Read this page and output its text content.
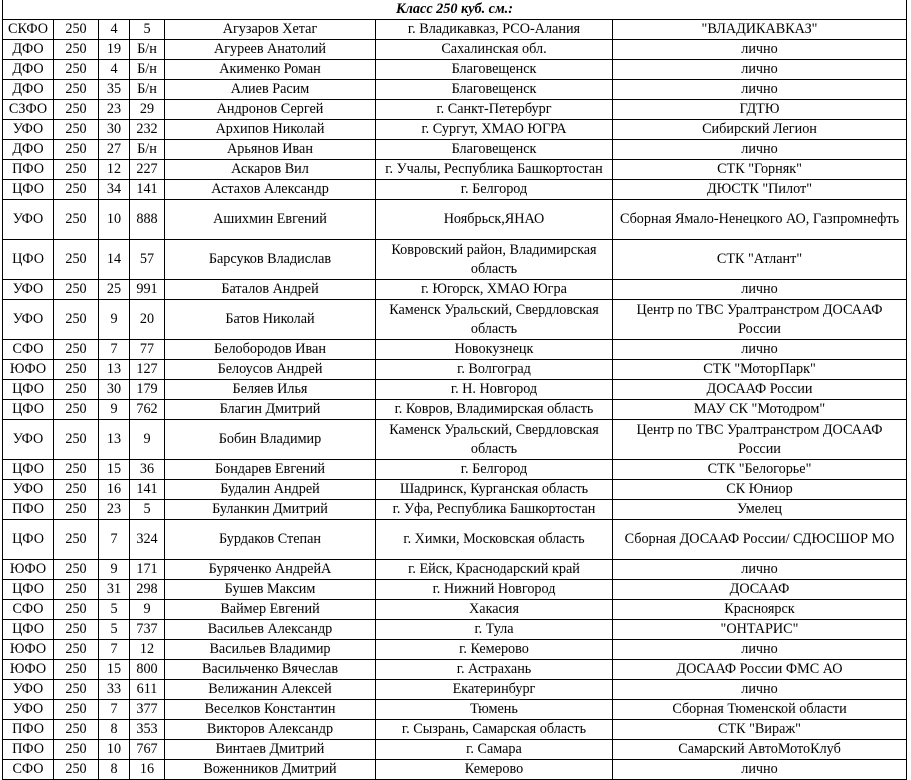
Класс 250 куб. см.:						
СКФО	250	4	5	Агузаров Хетаг	г. Владикавказ, РСО-Алания	"ВЛАДИКАВКАЗ"
ДФО	250	19	Б/н	Агуреев Анатолий	Сахалинская обл.	лично
ДФО	250	4	Б/н	Акименко Роман	Благовещенск	лично
ДФО	250	35	Б/н	Алиев Расим	Благовещенск	лично
СЗФО	250	23	29	Андронов Сергей	г. Санкт-Петербург	ГДТЮ
УФО	250	30	232	Архипов Николай	г. Сургут, ХМАО ЮГРА	Сибирский Легион
ДФО	250	27	Б/н	Арьянов Иван	Благовещенск	лично
ПФО	250	12	227	Аскаров Вил	г. Учалы, Республика Башкортостан	СТК "Горняк"
ЦФО	250	34	141	Астахов Александр	г. Белгород	ДЮСТК "Пилот"
УФО	250	10	888	Ашихмин Евгений	Ноябрьск,ЯНАО	Сборная Ямало-Ненецкого АО, Газпромнефть
ЦФО	250	14	57	Барсуков Владислав	Ковровский район, Владимирская область	СТК "Атлант"
УФО	250	25	991	Баталов Андрей	г. Югорск, ХМАО Югра	лично
УФО	250	9	20	Батов Николай	Каменск Уральский, Свердловская область	Центр по ТВС Уралтранстром ДОСААФ России
СФО	250	7	77	Белобородов Иван	Новокузнецк	лично
ЮФО	250	13	127	Белоусов Андрей	г. Волгоград	СТК "МоторПарк"
ЦФО	250	30	179	Беляев Илья	г. Н. Новгород	ДОСААФ России
ЦФО	250	9	762	Благин Дмитрий	г. Ковров, Владимирская область	МАУ СК "Мотодром"
УФО	250	13	9	Бобин Владимир	Каменск Уральский, Свердловская область	Центр по ТВС Уралтранстром ДОСААФ России
ЦФО	250	15	36	Бондарев Евгений	г. Белгород	СТК "Белогорье"
УФО	250	16	141	Будалин Андрей	Шадринск, Курганская область	СК Юниор
ПФО	250	23	5	Буланкин Дмитрий	г. Уфа, Республика Башкортостан	Умелец
ЦФО	250	7	324	Бурдаков Степан	г. Химки, Московская область	Сборная ДОСААФ России/ СДЮСШОР МО
ЮФО	250	9	171	Буряченко АндрейА	г. Ейск, Краснодарский край	лично
ЦФО	250	31	298	Бушев Максим	г. Нижний Новгород	ДОСААФ
СФО	250	5	9	Ваймер Евгений	Хакасия	Красноярск
ЦФО	250	5	737	Васильев Александр	г. Тула	"ОНТАРИС"
ЮФО	250	7	12	Васильев Владимир	г. Кемерово	лично
ЮФО	250	15	800	Васильченко Вячеслав	г. Астрахань	ДОСААФ России ФМС АО
УФО	250	33	611	Велижанин Алексей	Екатеринбург	лично
УФО	250	7	377	Веселков Константин	Тюмень	Сборная Тюменской области
ПФО	250	8	353	Викторов Александр	г. Сызрань, Самарская область	СТК "Вираж"
ПФО	250	10	767	Винтаев Дмитрий	г. Самара	Самарский АвтоМотоКлуб
СФО	250	8	16	Воженников Дмитрий	Кемерово	лично
